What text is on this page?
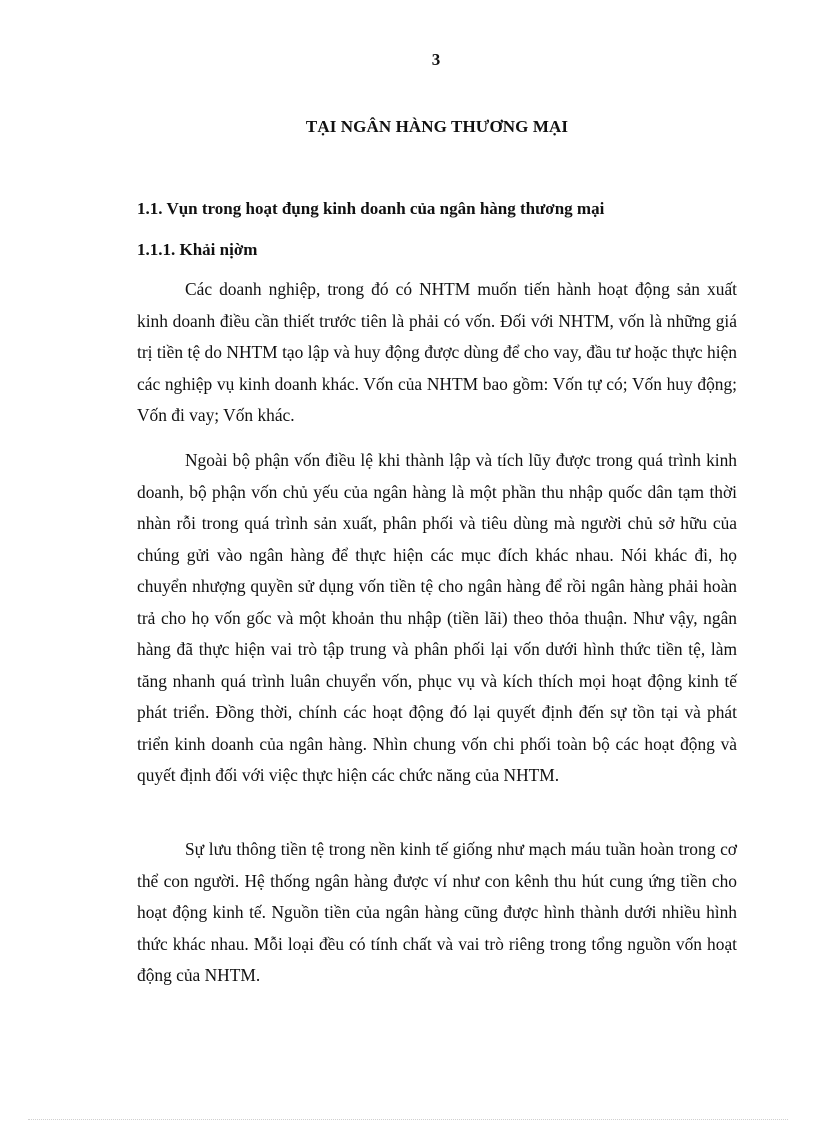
3
TẠI NGÂN HÀNG THƯƠNG MẠI
1.1. Vụn trong hoạt đụng kinh doanh của ngân hàng thương mại
1.1.1. Khải nịờm

Các doanh nghiệp, trong đó có NHTM muốn tiến hành hoạt động sản xuất kinh doanh điều cần thiết trước tiên là phải có vốn. Đối với NHTM, vốn là những giá trị tiền tệ do NHTM tạo lập và huy động được dùng để cho vay, đầu tư hoặc thực hiện các nghiệp vụ kinh doanh khác. Vốn của NHTM bao gồm: Vốn tự có; Vốn huy động; Vốn đi vay; Vốn khác.

Ngoài bộ phận vốn điều lệ khi thành lập và tích lũy được trong quá trình kinh doanh, bộ phận vốn chủ yếu của ngân hàng là một phần thu nhập quốc dân tạm thời nhàn rỗi trong quá trình sản xuất, phân phối và tiêu dùng mà người chủ sở hữu của chúng gửi vào ngân hàng để thực hiện các mục đích khác nhau. Nói khác đi, họ chuyển nhượng quyền sử dụng vốn tiền tệ cho ngân hàng để rồi ngân hàng phải hoàn trả cho họ vốn gốc và một khoản thu nhập (tiền lãi) theo thỏa thuận. Như vậy, ngân hàng đã thực hiện vai trò tập trung và phân phối lại vốn dưới hình thức tiền tệ, làm tăng nhanh quá trình luân chuyển vốn, phục vụ và kích thích mọi hoạt động kinh tế phát triển. Đồng thời, chính các hoạt động đó lại quyết định đến sự tồn tại và phát triển kinh doanh của ngân hàng. Nhìn chung vốn chi phối toàn bộ các hoạt động và quyết định đối với việc thực hiện các chức năng của NHTM.

Sự lưu thông tiền tệ trong nền kinh tế giống như mạch máu tuần hoàn trong cơ thể con người. Hệ thống ngân hàng được ví như con kênh thu hút cung ứng tiền cho hoạt động kinh tế. Nguồn tiền của ngân hàng cũng được hình thành dưới nhiều hình thức khác nhau. Mỗi loại đều có tính chất và vai trò riêng trong tổng nguồn vốn hoạt động của NHTM.
